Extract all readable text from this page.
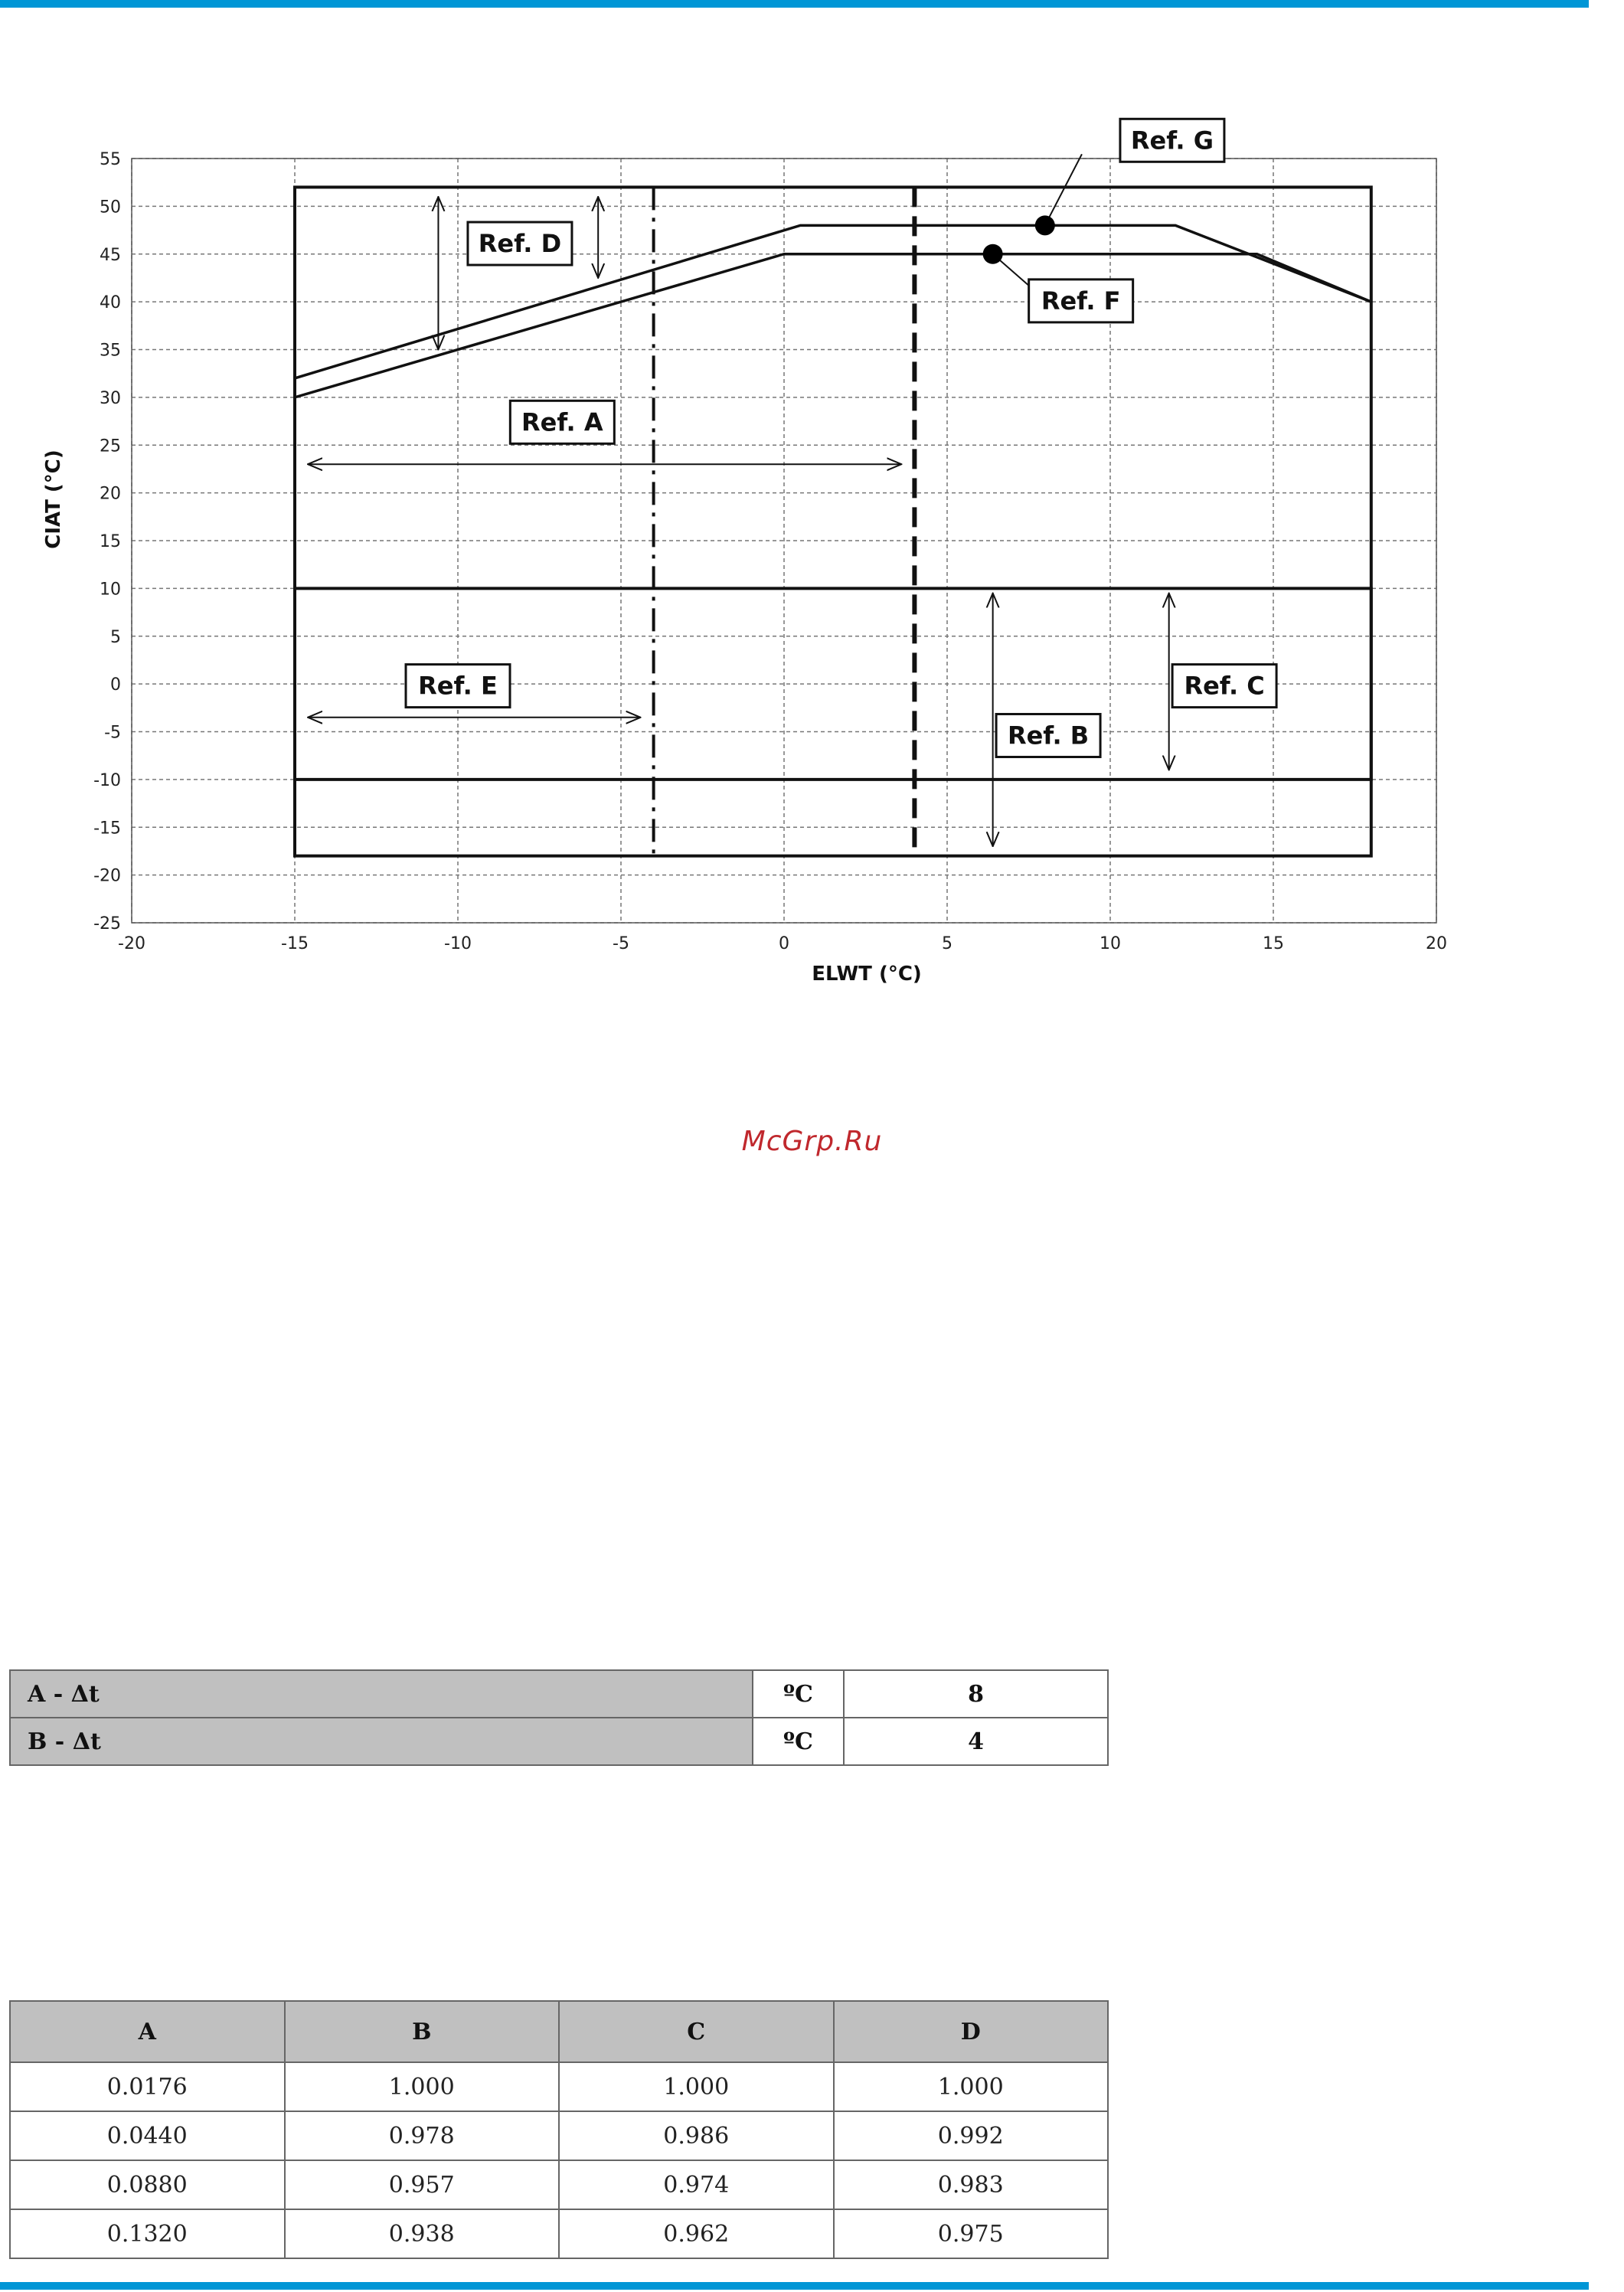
-20	-15	-10	-5	0	5	10	15	20
55
50
45
40
35
30
25
20
15
10
5
0
-5
-10
-15
-20
-25
Ref. A
Ref. B
Ref. C
Ref. D
Ref. E
Ref. F
Ref. G
ELWT (°C)
CIAT (°C)
McGrp.Ru
A - Δt	ºC	8
B - Δt	ºC	4
A	B	C	D
0.0176	1.000	1.000	1.000
0.0440	0.978	0.986	0.992
0.0880	0.957	0.974	0.983
0.1320	0.938	0.962	0.975
